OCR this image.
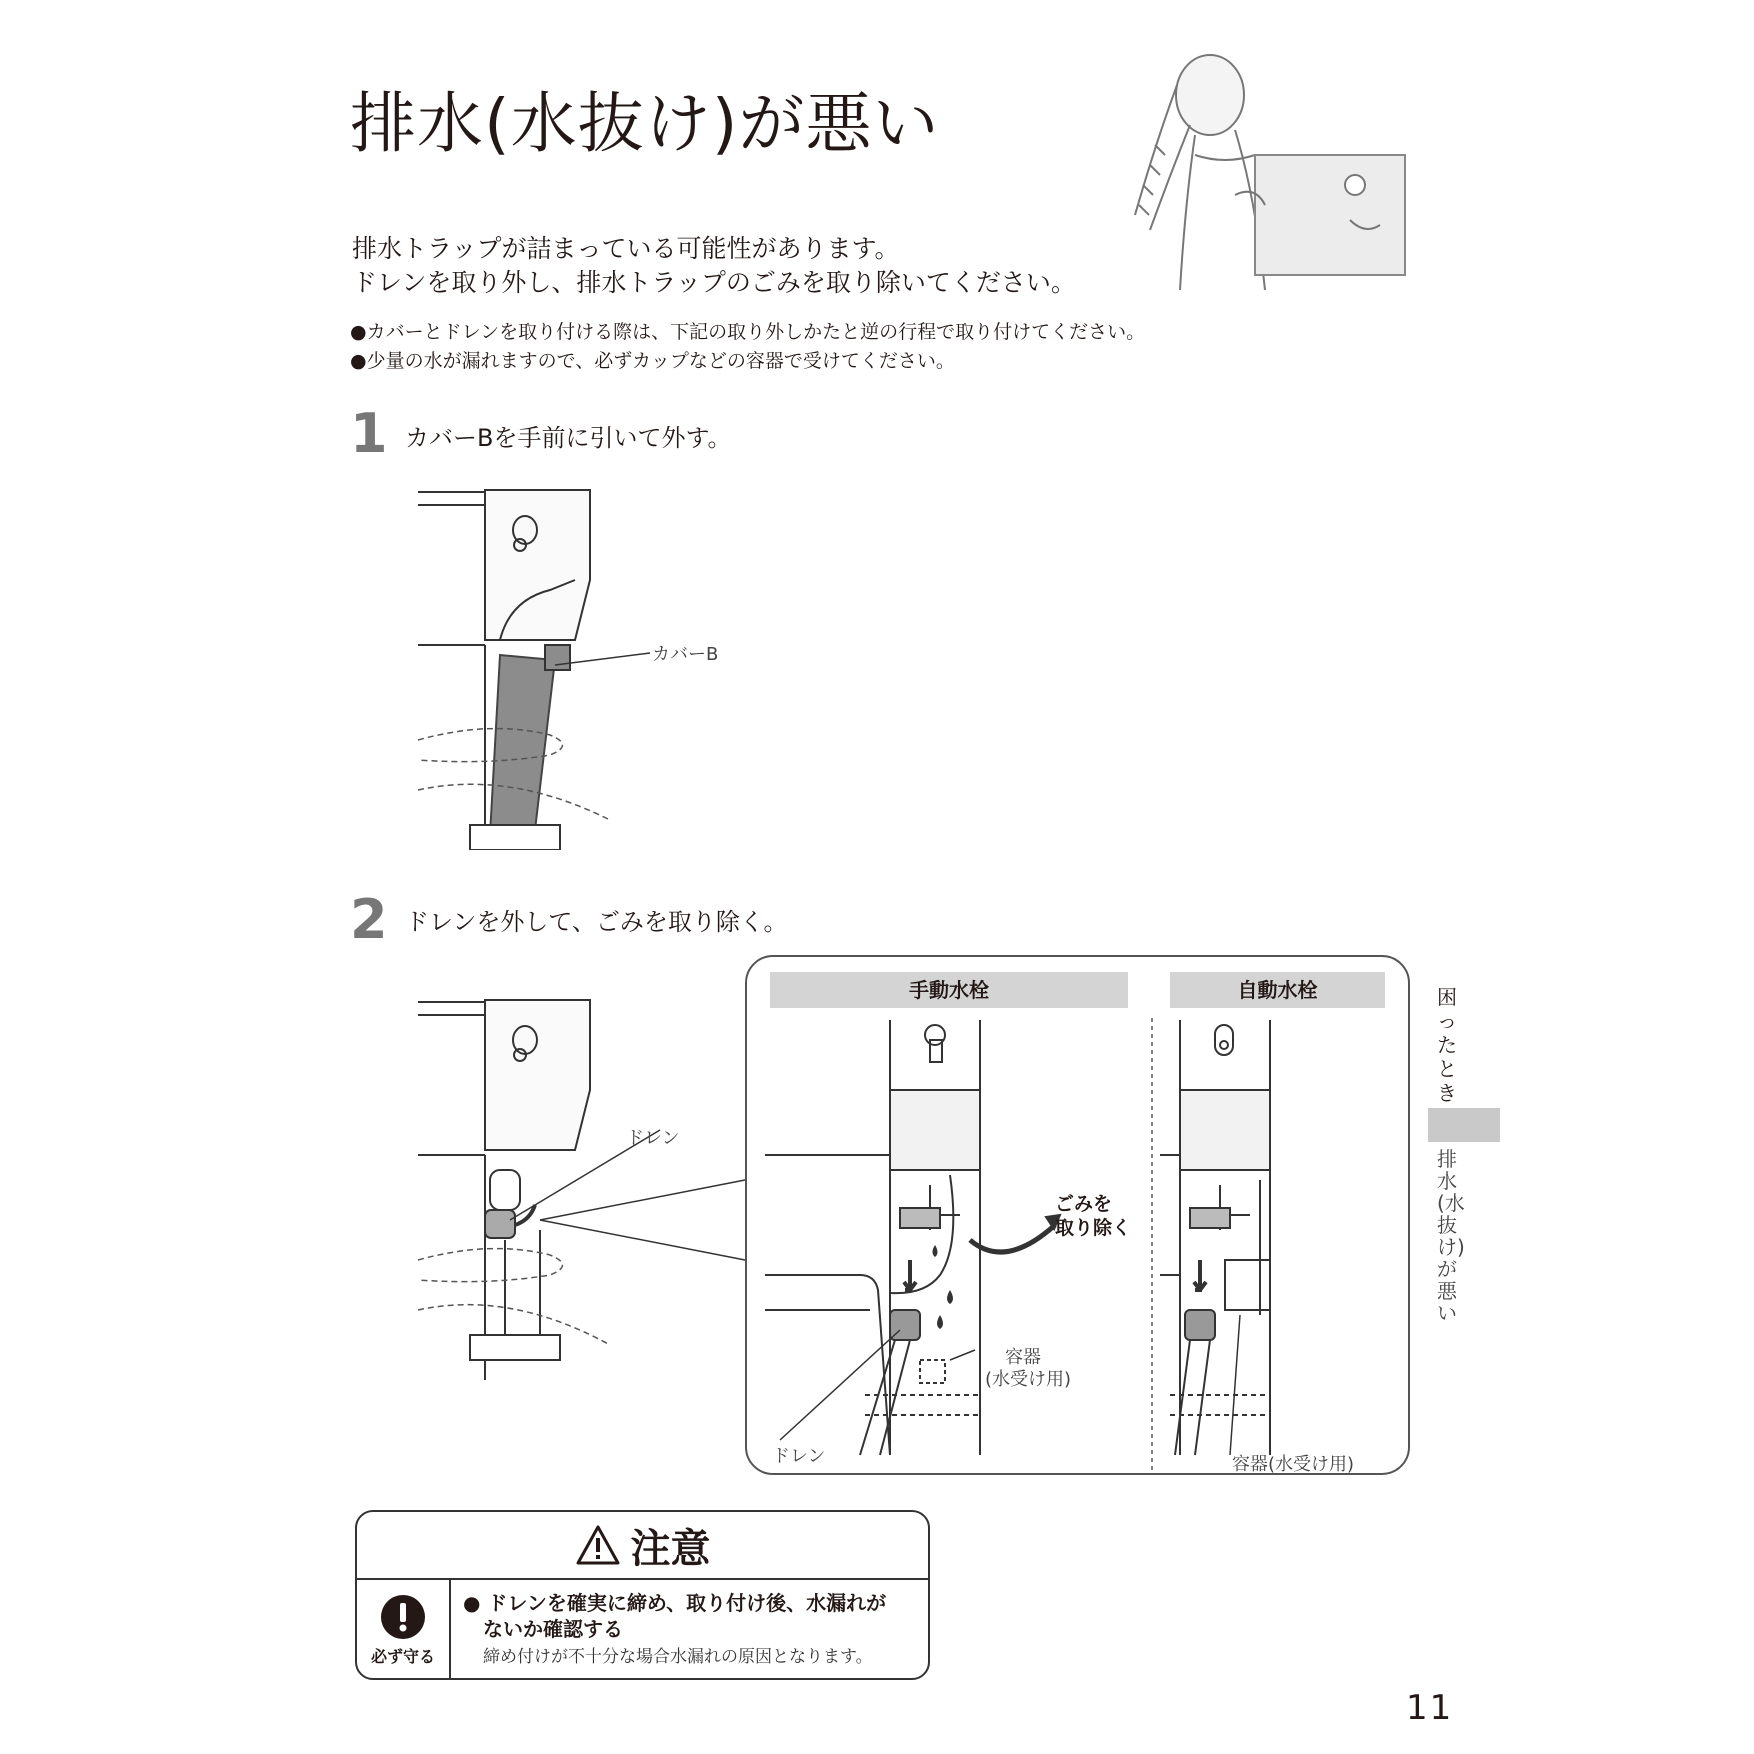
排水(水抜け)が悪い
排水トラップが詰まっている可能性があります。
ドレンを取り外し、排水トラップのごみを取り除いてください。
●カバーとドレンを取り付ける際は、下記の取り外しかたと逆の行程で取り付けてください。
●少量の水が漏れますので、必ずカップなどの容器で受けてください。
1 カバーBを手前に引いて外す。
カバーB
2 ドレンを外して、ごみを取り除く。
ドレン
手動水栓	自動水栓
ごみを
取り除く
容器
(水受け用)
ドレン	容器(水受け用)
困ったとき
排水(水抜け)が悪い
注意
必ず守る
● ドレンを確実に締め、取り付け後、水漏れが
ないか確認する
締め付けが不十分な場合水漏れの原因となります。
11
